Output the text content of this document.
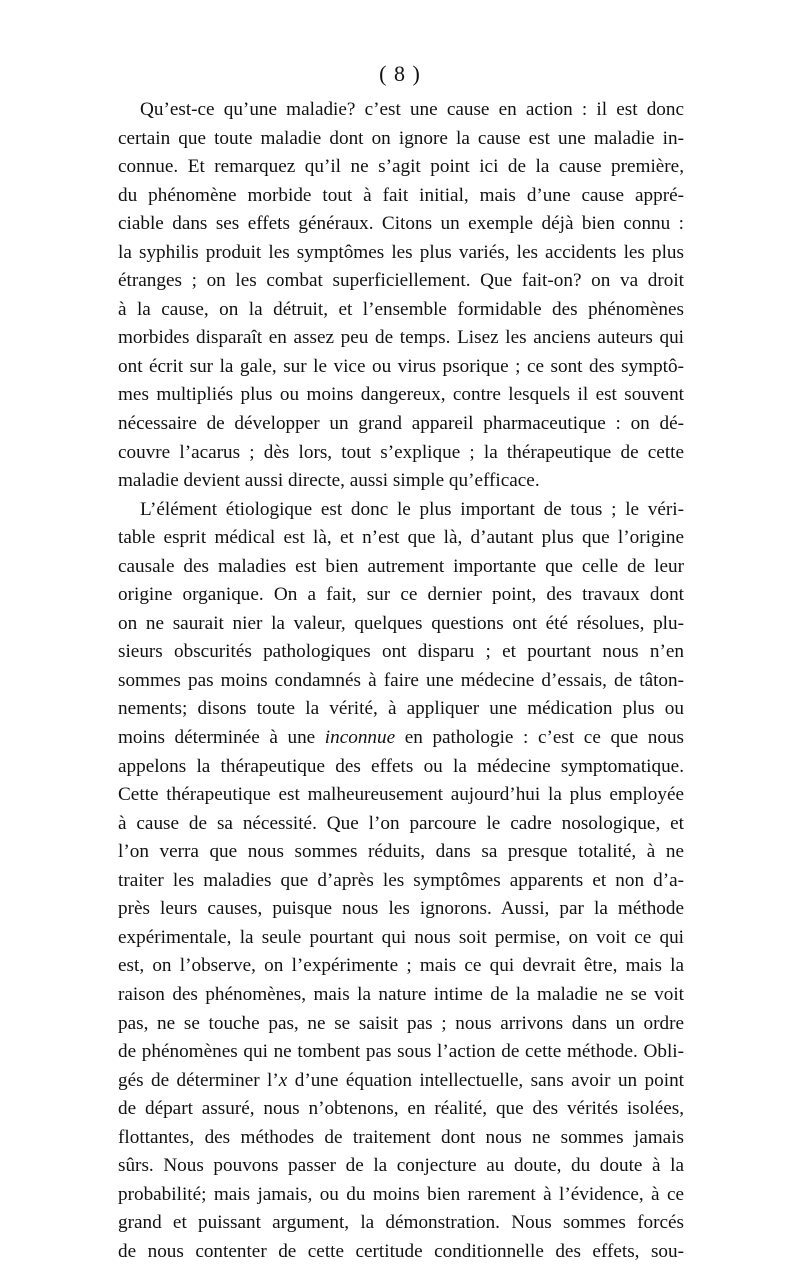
( 8 )
Qu’est-ce qu’une maladie? c’est une cause en action : il est donc
certain que toute maladie dont on ignore la cause est une maladie in-
connue. Et remarquez qu’il ne s’agit point ici de la cause première,
du phénomène morbide tout à fait initial, mais d’une cause appré-
ciable dans ses effets généraux. Citons un exemple déjà bien connu :
la syphilis produit les symptômes les plus variés, les accidents les plus
étranges ; on les combat superficiellement. Que fait-on? on va droit
à la cause, on la détruit, et l’ensemble formidable des phénomènes
morbides disparaît en assez peu de temps. Lisez les anciens auteurs qui
ont écrit sur la gale, sur le vice ou virus psorique ; ce sont des symptô-
mes multipliés plus ou moins dangereux, contre lesquels il est souvent
nécessaire de développer un grand appareil pharmaceutique : on dé-
couvre l’acarus ; dès lors, tout s’explique ; la thérapeutique de cette
maladie devient aussi directe, aussi simple qu’efficace.
L’élément étiologique est donc le plus important de tous ; le véri-
table esprit médical est là, et n’est que là, d’autant plus que l’origine
causale des maladies est bien autrement importante que celle de leur
origine organique. On a fait, sur ce dernier point, des travaux dont
on ne saurait nier la valeur, quelques questions ont été résolues, plu-
sieurs obscurités pathologiques ont disparu ; et pourtant nous n’en
sommes pas moins condamnés à faire une médecine d’essais, de tâton-
nements; disons toute la vérité, à appliquer une médication plus ou
moins déterminée à une inconnue en pathologie : c’est ce que nous
appelons la thérapeutique des effets ou la médecine symptomatique.
Cette thérapeutique est malheureusement aujourd’hui la plus employée
à cause de sa nécessité. Que l’on parcoure le cadre nosologique, et
l’on verra que nous sommes réduits, dans sa presque totalité, à ne
traiter les maladies que d’après les symptômes apparents et non d’a-
près leurs causes, puisque nous les ignorons. Aussi, par la méthode
expérimentale, la seule pourtant qui nous soit permise, on voit ce qui
est, on l’observe, on l’expérimente ; mais ce qui devrait être, mais la
raison des phénomènes, mais la nature intime de la maladie ne se voit
pas, ne se touche pas, ne se saisit pas ; nous arrivons dans un ordre
de phénomènes qui ne tombent pas sous l’action de cette méthode. Obli-
gés de déterminer l’x d’une équation intellectuelle, sans avoir un point
de départ assuré, nous n’obtenons, en réalité, que des vérités isolées,
flottantes, des méthodes de traitement dont nous ne sommes jamais
sûrs. Nous pouvons passer de la conjecture au doute, du doute à la
probabilité; mais jamais, ou du moins bien rarement à l’évidence, à ce
grand et puissant argument, la démonstration. Nous sommes forcés
de nous contenter de cette certitude conditionnelle des effets, sou-
